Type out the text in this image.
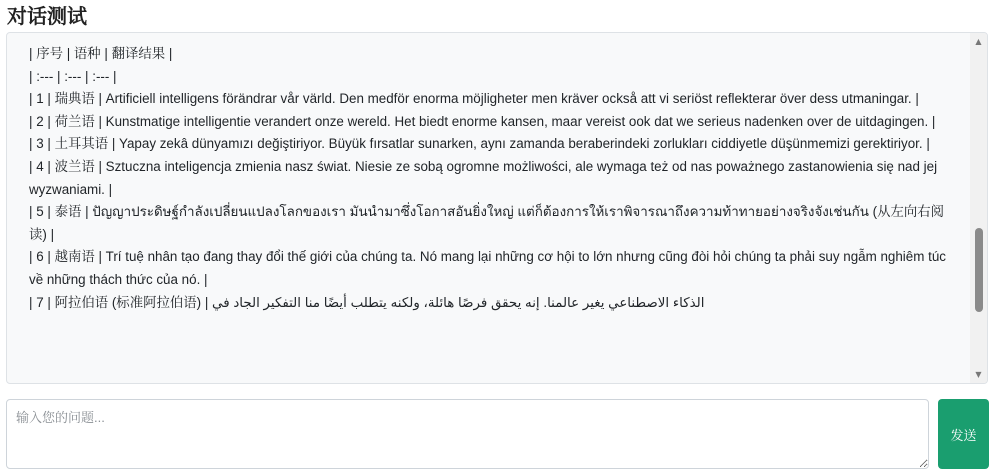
对话测试
| 序号 | 语种 | 翻译结果 |
| :--- | :--- | :--- |
| 1 | 瑞典语 | Artificiell intelligens förändrar vår värld. Den medför enorma möjligheter men kräver också att vi seriöst reflekterar över dess utmaningar. |
| 2 | 荷兰语 | Kunstmatige intelligentie verandert onze wereld. Het biedt enorme kansen, maar vereist ook dat we serieus nadenken over de uitdagingen. |
| 3 | 土耳其语 | Yapay zekâ dünyamızı değiştiriyor. Büyük fırsatlar sunarken, aynı zamanda beraberindeki zorlukları ciddiyetle düşünmemizi gerektiriyor. |
| 4 | 波兰语 | Sztuczna inteligencja zmienia nasz świat. Niesie ze sobą ogromne możliwości, ale wymaga też od nas poważnego zastanowienia się nad jej wyzwaniami. |
| 5 | 泰语 | ปัญญาประดิษฐ์กำลังเปลี่ยนแปลงโลกของเรา มันนำมาซึ่งโอกาสอันยิ่งใหญ่ แต่ก็ต้องการให้เราพิจารณาถึงความท้าทายอย่างจริงจังเช่นกัน (从左向右阅读) |
| 6 | 越南语 | Trí tuệ nhân tạo đang thay đổi thế giới của chúng ta. Nó mang lại những cơ hội to lớn nhưng cũng đòi hỏi chúng ta phải suy ngẫm nghiêm túc về những thách thức của nó. |
| 7 | 阿拉伯语 (标准阿拉伯语) | الذكاء الاصطناعي يغير عالمنا. إنه يحقق فرصًا هائلة، ولكنه يتطلب أيضًا منا التفكير الجاد في
▲
▼
输入您的问题...
发送
